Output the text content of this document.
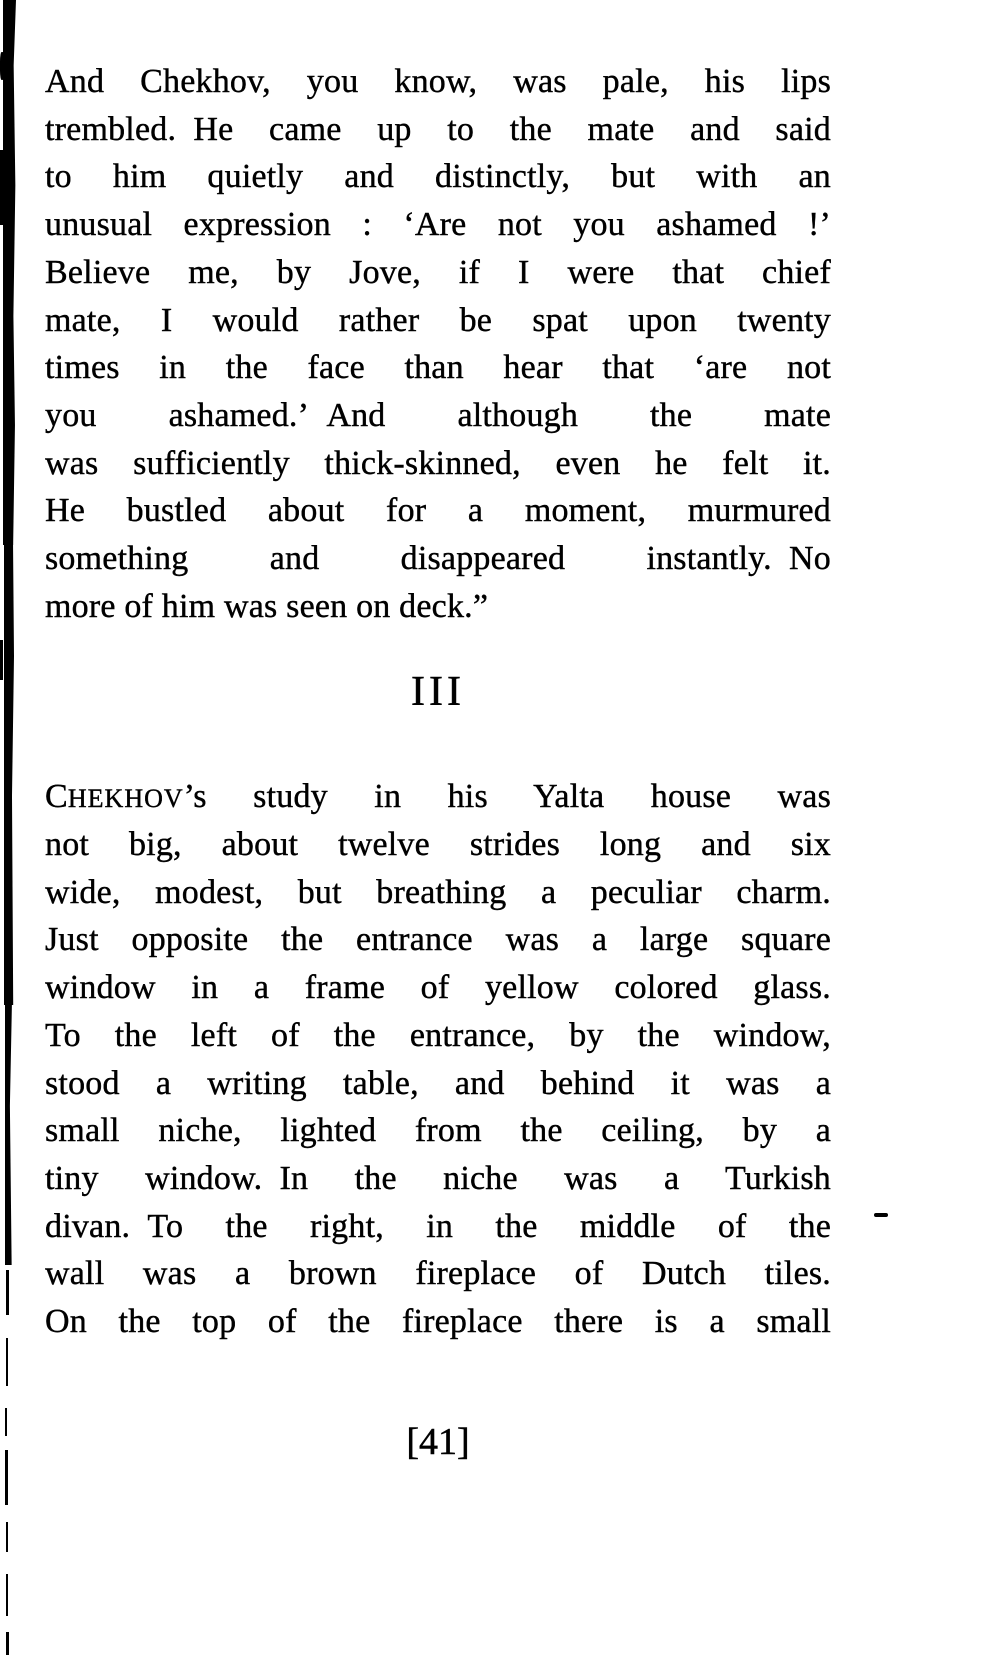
And Chekhov, you know, was pale, his lips
trembled. He came up to the mate and said
to him quietly and distinctly, but with an
unusual expression : ‘Are not you ashamed !’
Believe me, by Jove, if I were that chief
mate, I would rather be spat upon twenty
times in the face than hear that ‘are not
you ashamed.’ And although the mate
was sufficiently thick-skinned, even he felt it.
He bustled about for a moment, murmured
something and disappeared instantly. No
more of him was seen on deck.”
III
CHEKHOV’s study in his Yalta house was
not big, about twelve strides long and six
wide, modest, but breathing a peculiar charm.
Just opposite the entrance was a large square
window in a frame of yellow colored glass.
To the left of the entrance, by the window,
stood a writing table, and behind it was a
small niche, lighted from the ceiling, by a
tiny window. In the niche was a Turkish
divan. To the right, in the middle of the
wall was a brown fireplace of Dutch tiles.
On the top of the fireplace there is a small
[41]
